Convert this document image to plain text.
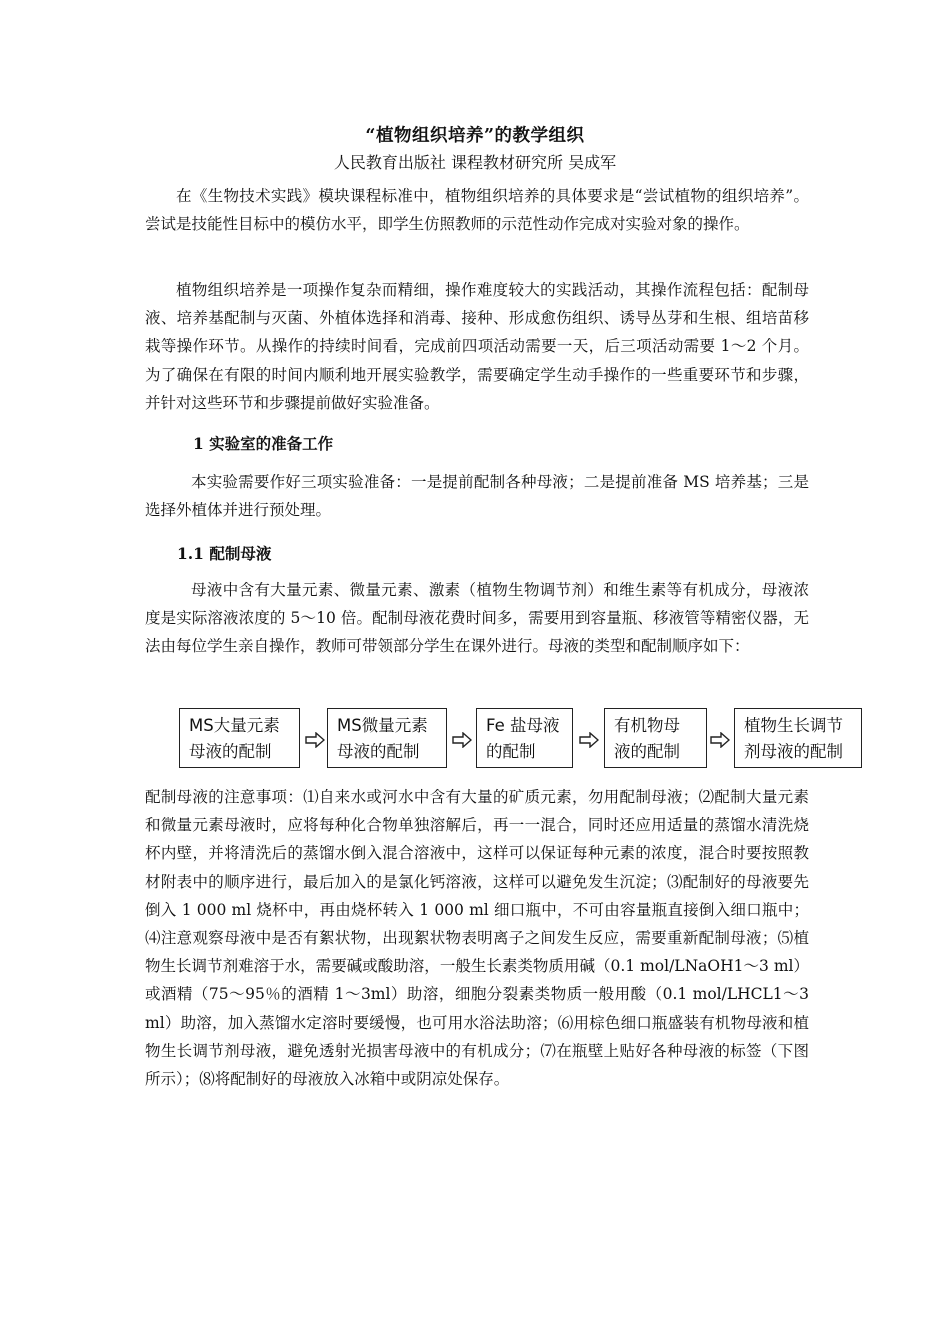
“植物组织培养”的教学组织
人民教育出版社 课程教材研究所 吴成军

在《生物技术实践》模块课程标准中，植物组织培养的具体要求是“尝试植物的组织培养”。尝试是技能性目标中的模仿水平，即学生仿照教师的示范性动作完成对实验对象的操作。

植物组织培养是一项操作复杂而精细，操作难度较大的实践活动，其操作流程包括：配制母液、培养基配制与灭菌、外植体选择和消毒、接种、形成愈伤组织、诱导丛芽和生根、组培苗移栽等操作环节。从操作的持续时间看，完成前四项活动需要一天，后三项活动需要 1～2 个月。为了确保在有限的时间内顺利地开展实验教学，需要确定学生动手操作的一些重要环节和步骤，并针对这些环节和步骤提前做好实验准备。

1 实验室的准备工作

本实验需要作好三项实验准备：一是提前配制各种母液；二是提前准备 MS 培养基；三是选择外植体并进行预处理。

1.1 配制母液

母液中含有大量元素、微量元素、激素（植物生物调节剂）和维生素等有机成分，母液浓度是实际溶液浓度的 5～10 倍。配制母液花费时间多，需要用到容量瓶、移液管等精密仪器，无法由每位学生亲自操作，教师可带领部分学生在课外进行。母液的类型和配制顺序如下：

MS大量元素
母液的配制
MS微量元素
母液的配制
Fe 盐母液
的配制
有机物母
液的配制
植物生长调节
剂母液的配制

配制母液的注意事项：⑴自来水或河水中含有大量的矿质元素，勿用配制母液；⑵配制大量元素和微量元素母液时，应将每种化合物单独溶解后，再一一混合，同时还应用适量的蒸馏水清洗烧杯内壁，并将清洗后的蒸馏水倒入混合溶液中，这样可以保证每种元素的浓度，混合时要按照教材附表中的顺序进行，最后加入的是氯化钙溶液，这样可以避免发生沉淀；⑶配制好的母液要先倒入 1 000 ml 烧杯中，再由烧杯转入 1 000 ml 细口瓶中，不可由容量瓶直接倒入细口瓶中；⑷注意观察母液中是否有絮状物，出现絮状物表明离子之间发生反应，需要重新配制母液；⑸植物生长调节剂难溶于水，需要碱或酸助溶，一般生长素类物质用碱（0.1 mol/LNaOH1～3 ml）或酒精（75～95％的酒精 1～3ml）助溶，细胞分裂素类物质一般用酸（0.1 mol/LHCL1～3 ml）助溶，加入蒸馏水定溶时要缓慢，也可用水浴法助溶；⑹用棕色细口瓶盛装有机物母液和植物生长调节剂母液，避免透射光损害母液中的有机成分；⑺在瓶壁上贴好各种母液的标签（下图所示）；⑻将配制好的母液放入冰箱中或阴凉处保存。
